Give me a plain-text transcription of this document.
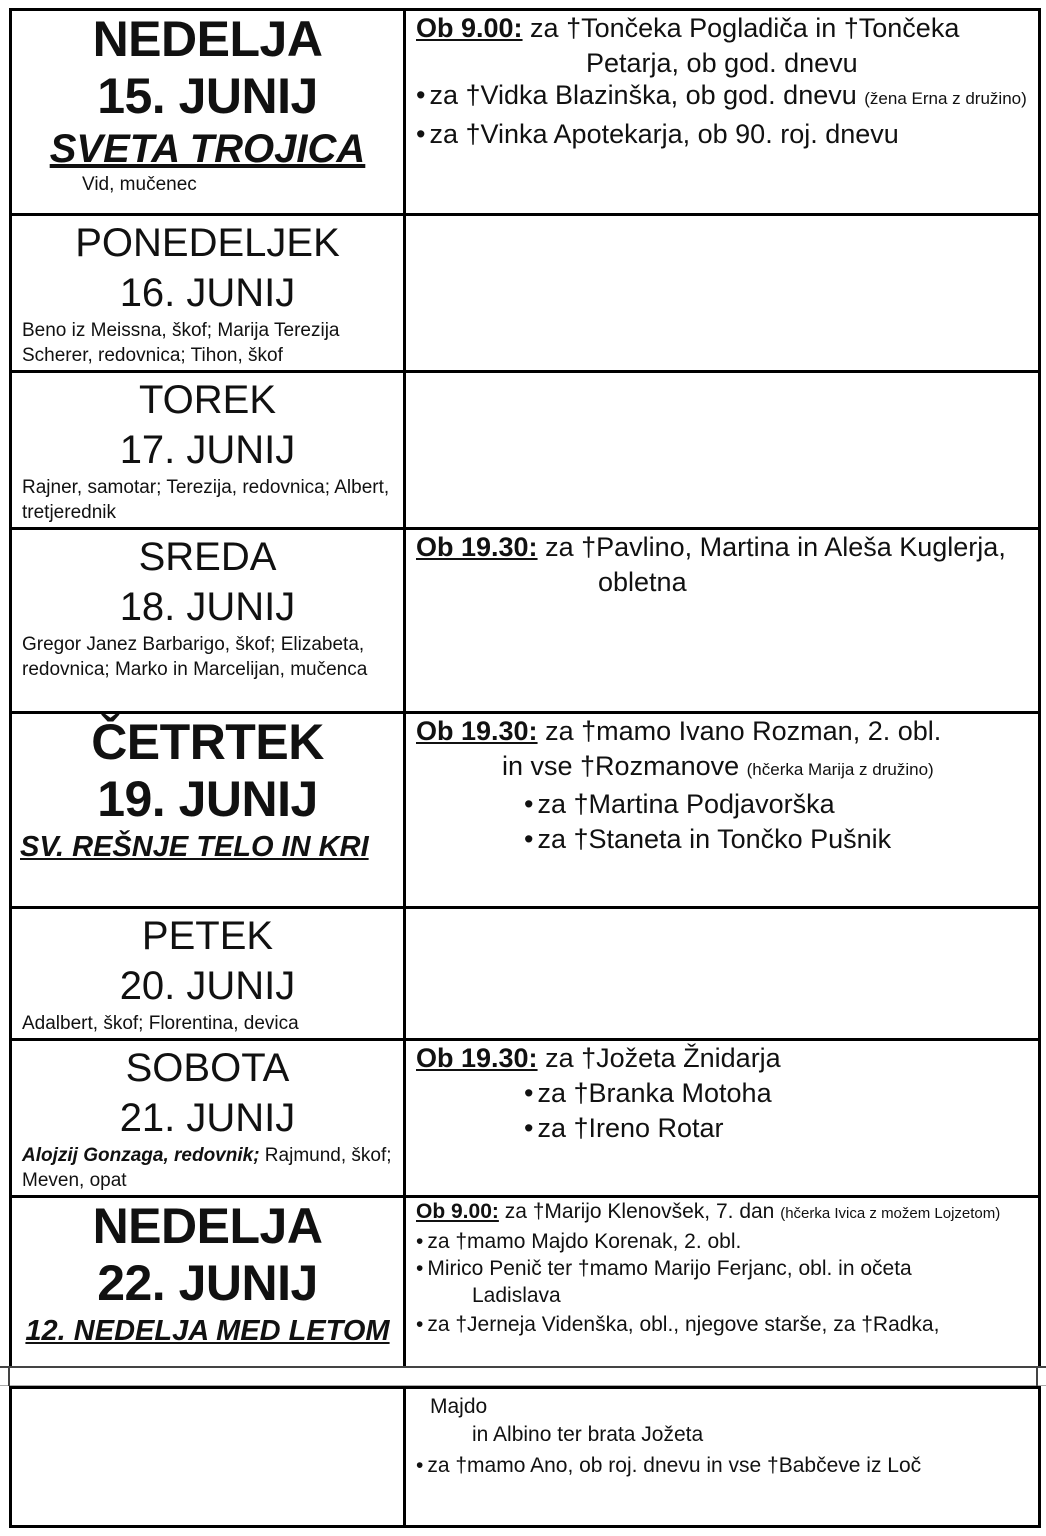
NEDELJA
15. JUNIJ
SVETA TROJICA
Vid, mučenec
Ob 9.00: za †Tončeka Pogladiča in †Tončeka
Petarja, ob god. dnevu
• za †Vidka Blazinška, ob god. dnevu (žena Erna z družino)
• za †Vinka Apotekarja, ob 90. roj. dnevu
PONEDELJEK
16. JUNIJ
Beno iz Meissna, škof; Marija Terezija Scherer, redovnica; Tihon, škof
TOREK
17. JUNIJ
Rajner, samotar; Terezija, redovnica; Albert, tretjerednik
SREDA
18. JUNIJ
Gregor Janez Barbarigo, škof; Elizabeta, redovnica; Marko in Marcelijan, mučenca
Ob 19.30: za †Pavlino, Martina in Aleša Kuglerja,
obletna
ČETRTEK
19. JUNIJ
SV. REŠNJE TELO IN KRI
Ob 19.30: za †mamo Ivano Rozman, 2. obl.
in vse †Rozmanove (hčerka Marija z družino)
• za †Martina Podjavorška
• za †Staneta in Tončko Pušnik
PETEK
20. JUNIJ
Adalbert, škof; Florentina, devica
SOBOTA
21. JUNIJ
Alojzij Gonzaga, redovnik; Rajmund, škof; Meven, opat
Ob 19.30: za †Jožeta Žnidarja
• za †Branka Motoha
• za †Ireno Rotar
NEDELJA
22. JUNIJ
12. NEDELJA MED LETOM
Ob 9.00: za †Marijo Klenovšek, 7. dan (hčerka Ivica z možem Lojzetom)
• za †mamo Majdo Korenak, 2. obl.
• Mirico Penič ter †mamo Marijo Ferjanc, obl. in očeta
Ladislava
• za †Jerneja Videnška, obl., njegove starše, za †Radka,
Majdo
in Albino ter brata Jožeta
• za †mamo Ano, ob roj. dnevu in vse †Babčeve iz Loč
